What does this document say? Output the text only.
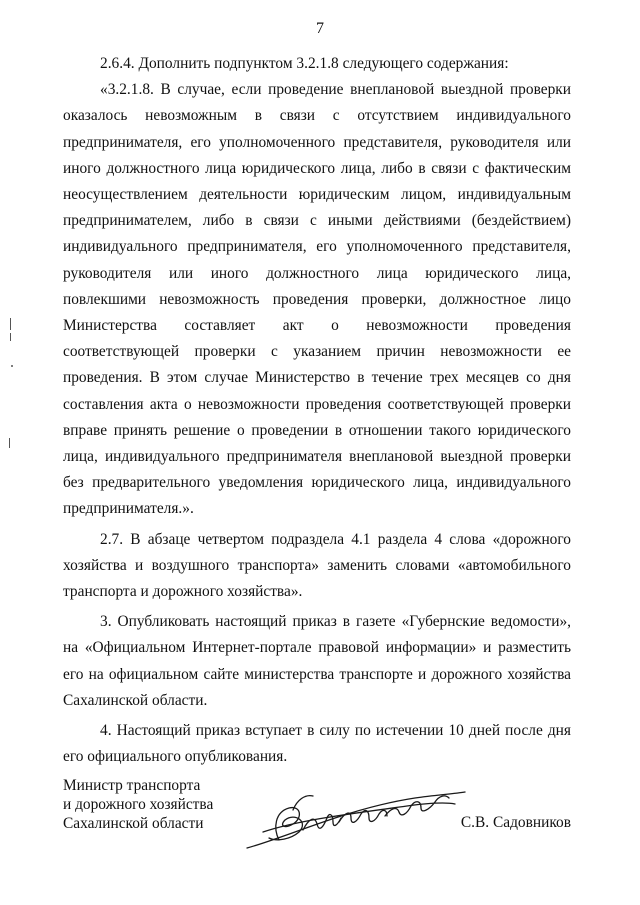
7

2.6.4. Дополнить подпунктом 3.2.1.8 следующего содержания:

«3.2.1.8. В случае, если проведение внеплановой выездной проверки оказалось невозможным в связи с отсутствием индивидуального предпринимателя, его уполномоченного представителя, руководителя или иного должностного лица юридического лица, либо в связи с фактическим неосуществлением деятельности юридическим лицом, индивидуальным предпринимателем, либо в связи с иными действиями (бездействием) индивидуального предпринимателя, его уполномоченного представителя, руководителя или иного должностного лица юридического лица, повлекшими невозможность проведения проверки, должностное лицо Министерства составляет акт о невозможности проведения соответствующей проверки с указанием причин невозможности ее проведения. В этом случае Министерство в течение трех месяцев со дня составления акта о невозможности проведения соответствующей проверки вправе принять решение о проведении в отношении такого юридического лица, индивидуального предпринимателя внеплановой выездной проверки без предварительного уведомления юридического лица, индивидуального предпринимателя.».

2.7. В абзаце четвертом подраздела 4.1 раздела 4 слова «дорожного хозяйства и воздушного транспорта» заменить словами «автомобильного транспорта и дорожного хозяйства».

3. Опубликовать настоящий приказ в газете «Губернские ведомости», на «Официальном Интернет-портале правовой информации» и разместить его на официальном сайте министерства транспорте и дорожного хозяйства Сахалинской области.

4. Настоящий приказ вступает в силу по истечении 10 дней после дня его официального опубликования.

Министр транспорта
и дорожного хозяйства
Сахалинской области	С.В. Садовников
